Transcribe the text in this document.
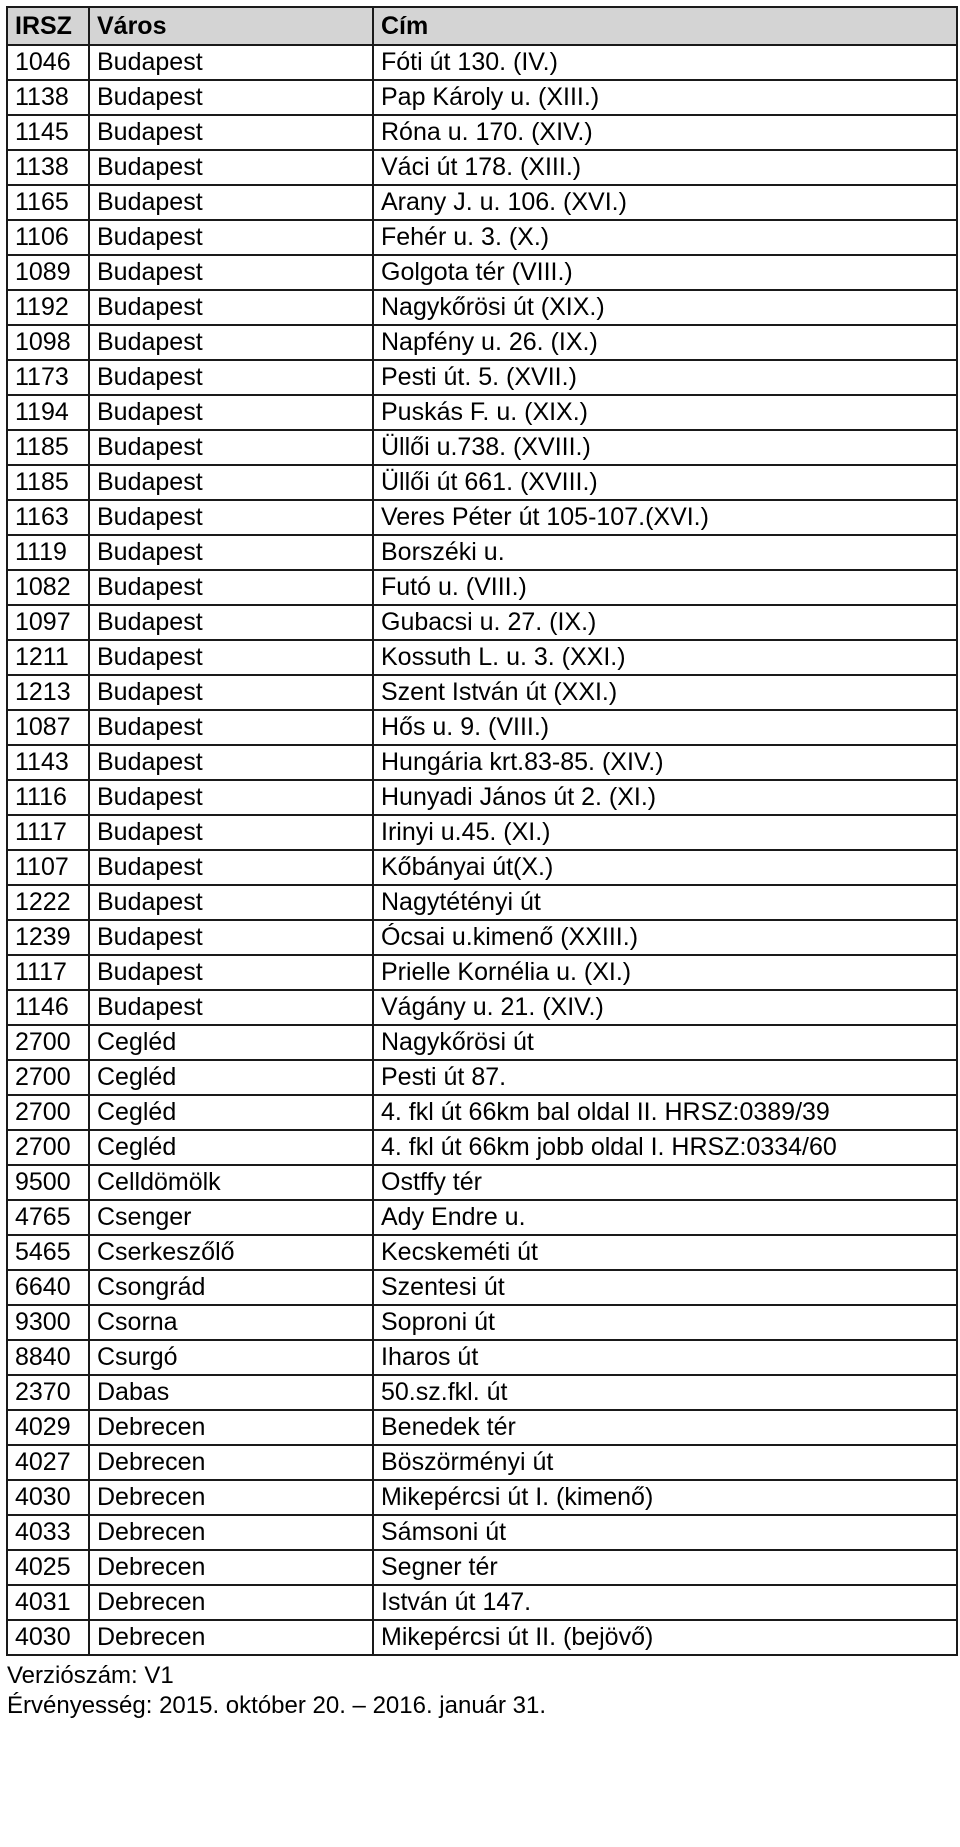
IRSZ	Város	Cím
1046	Budapest	Fóti út 130. (IV.)
1138	Budapest	Pap Károly u. (XIII.)
1145	Budapest	Róna u. 170. (XIV.)
1138	Budapest	Váci út 178. (XIII.)
1165	Budapest	Arany J. u. 106. (XVI.)
1106	Budapest	Fehér u. 3. (X.)
1089	Budapest	Golgota tér (VIII.)
1192	Budapest	Nagykőrösi út (XIX.)
1098	Budapest	Napfény u. 26. (IX.)
1173	Budapest	Pesti út. 5. (XVII.)
1194	Budapest	Puskás F. u. (XIX.)
1185	Budapest	Üllői u.738. (XVIII.)
1185	Budapest	Üllői út 661. (XVIII.)
1163	Budapest	Veres Péter út 105-107.(XVI.)
1119	Budapest	Borszéki u.
1082	Budapest	Futó u. (VIII.)
1097	Budapest	Gubacsi u. 27. (IX.)
1211	Budapest	Kossuth L. u. 3. (XXI.)
1213	Budapest	Szent István út (XXI.)
1087	Budapest	Hős u. 9. (VIII.)
1143	Budapest	Hungária krt.83-85. (XIV.)
1116	Budapest	Hunyadi János út 2. (XI.)
1117	Budapest	Irinyi u.45. (XI.)
1107	Budapest	Kőbányai út(X.)
1222	Budapest	Nagytétényi út
1239	Budapest	Ócsai u.kimenő (XXIII.)
1117	Budapest	Prielle Kornélia u. (XI.)
1146	Budapest	Vágány u. 21. (XIV.)
2700	Cegléd	Nagykőrösi út
2700	Cegléd	Pesti út 87.
2700	Cegléd	4. fkl út 66km bal oldal II. HRSZ:0389/39
2700	Cegléd	4. fkl út 66km jobb oldal I. HRSZ:0334/60
9500	Celldömölk	Ostffy tér
4765	Csenger	Ady Endre u.
5465	Cserkeszőlő	Kecskeméti út
6640	Csongrád	Szentesi út
9300	Csorna	Soproni út
8840	Csurgó	Iharos út
2370	Dabas	50.sz.fkl. út
4029	Debrecen	Benedek tér
4027	Debrecen	Böszörményi út
4030	Debrecen	Mikepércsi út I. (kimenő)
4033	Debrecen	Sámsoni út
4025	Debrecen	Segner tér
4031	Debrecen	István út 147.
4030	Debrecen	Mikepércsi út II. (bejövő)
Verziószám: V1
Érvényesség: 2015. október 20. – 2016. január 31.
